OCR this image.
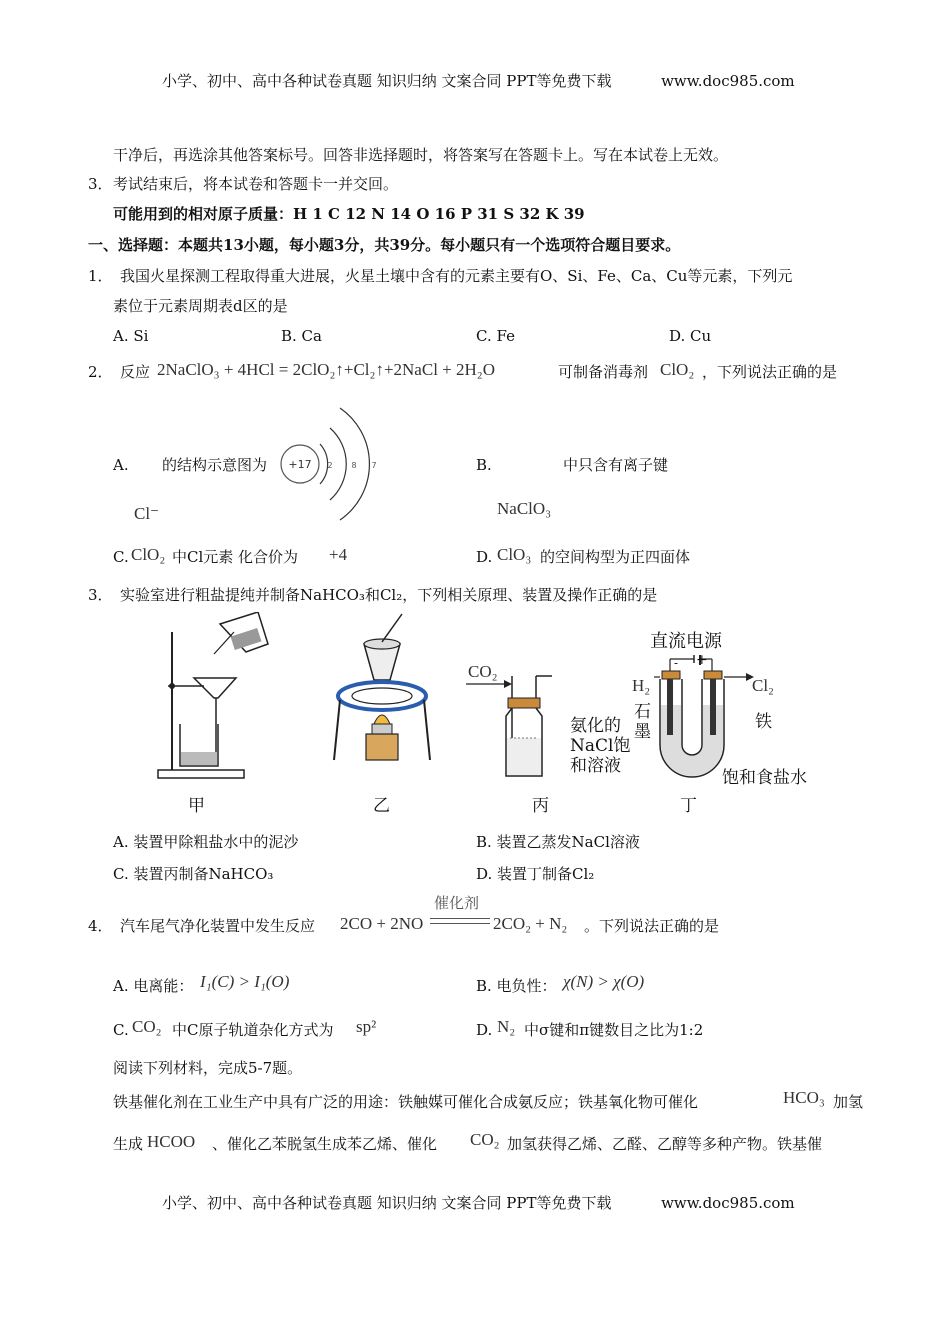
小学、初中、高中各种试卷真题 知识归纳 文案合同 PPT等免费下载	www.doc985.com
干净后，再选涂其他答案标号。回答非选择题时，将答案写在答题卡上。写在本试卷上无效。
3． 考试结束后，将本试卷和答题卡一并交回。
可能用到的相对原子质量：H 1 C 12 N 14 O 16 P 31 S 32 K 39
一、选择题：本题共13小题，每小题3分，共39分。每小题只有一个选项符合题目要求。
1． 我国火星探测工程取得重大进展，火星土壤中含有的元素主要有O、Si、Fe、Ca、Cu等元素，下列元
素位于元素周期表d区的是
A. Si	B. Ca	C. Fe	D. Cu
2． 反应 2NaClO₃ + 4HCl = 2ClO₂↑+Cl₂↑+2NaCl + 2H₂O	可制备消毒剂 ClO₂ ，下列说法正确的是
A. 的结构示意图为 +17 2 8 7
Cl⁻
B.	中只含有离子键
NaClO₃
C. ClO₂ 中Cl元素 化合价为 +4	D. ClO₃ 的空间构型为正四面体
3． 实验室进行粗盐提纯并制备NaHCO₃和Cl₂，下列相关原理、装置及操作正确的是
甲	乙
CO₂
氨化的
NaCl饱
和溶液
丙
直流电源
- +
H₂	Cl₂
石
墨	铁
饱和食盐水
丁
A. 装置甲除粗盐水中的泥沙	B. 装置乙蒸发NaCl溶液
C. 装置丙制备NaHCO₃	D. 装置丁制备Cl₂
4． 汽车尾气净化装置中发生反应 2CO + 2NO
催化剂
2CO₂ + N₂ 。下列说法正确的是
A. 电离能： I₁(C) > I₁(O)	B. 电负性： χ(N) > χ(O)
C. CO₂ 中C原子轨道杂化方式为 sp²	D. N₂ 中σ键和π键数目之比为1:2
阅读下列材料，完成5-7题。
铁基催化剂在工业生产中具有广泛的用途：铁触媒可催化合成氨反应；铁基氧化物可催化	HCO₃ 加氢
生成 HCOO 、催化乙苯脱氢生成苯乙烯、催化 CO₂ 加氢获得乙烯、乙醛、乙醇等多种产物。铁基催
小学、初中、高中各种试卷真题 知识归纳 文案合同 PPT等免费下载	www.doc985.com
